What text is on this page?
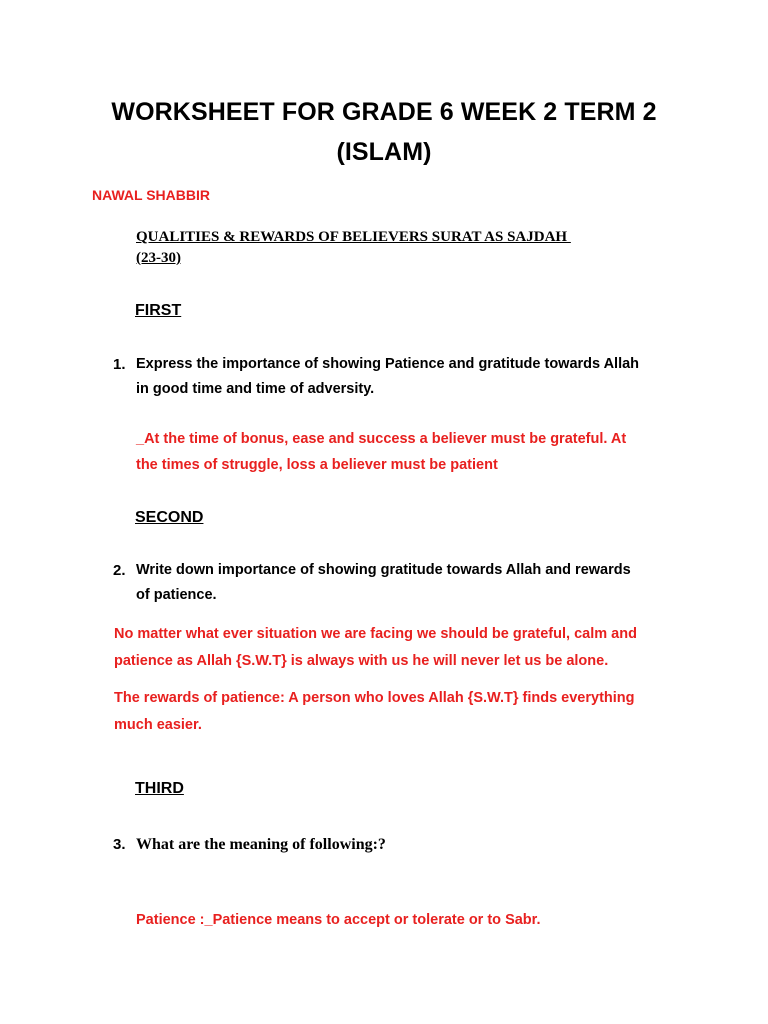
WORKSHEET FOR GRADE 6 WEEK 2 TERM 2
(ISLAM)

NAWAL SHABBIR

QUALITIES & REWARDS OF BELIEVERS SURAT AS SAJDAH

(23-30)

FIRST

1. Express the importance of showing Patience and gratitude towards Allah

in good time and time of adversity.

_At the time of bonus, ease and success a believer must be grateful. At

the times of struggle, loss a believer must be patient

SECOND

2. Write down importance of showing gratitude towards Allah and rewards

of patience.

No matter what ever situation we are facing we should be grateful, calm and

patience as Allah {S.W.T} is always with us he will never let us be alone.

The rewards of patience: A person who loves Allah {S.W.T} finds everything

much easier.

THIRD

3. What are the meaning of following:?

Patience :_Patience means to accept or tolerate or to Sabr.
